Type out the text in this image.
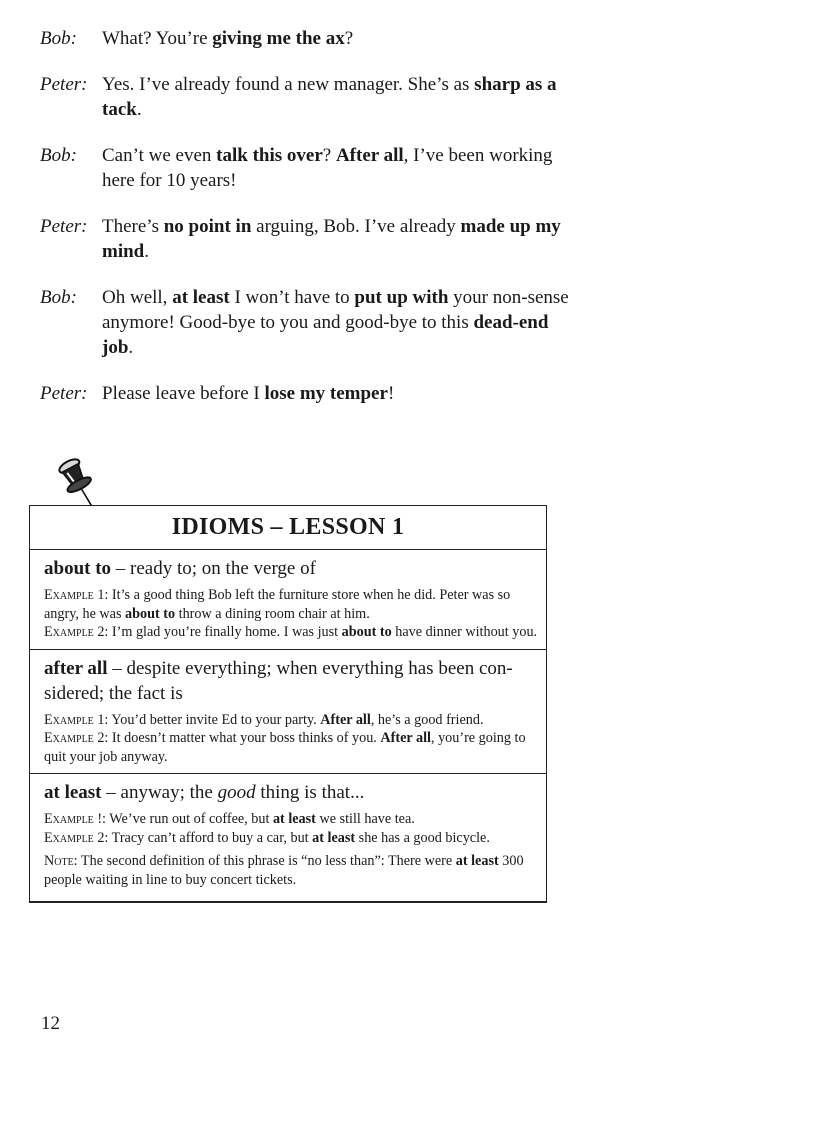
Bob: What? You’re giving me the ax?
Peter: Yes. I’ve already found a new manager. She’s as sharp as a tack.
Bob: Can’t we even talk this over? After all, I’ve been working here for 10 years!
Peter: There’s no point in arguing, Bob. I’ve already made up my mind.
Bob: Oh well, at least I won’t have to put up with your non-sense anymore! Good-bye to you and good-bye to this dead-end job.
Peter: Please leave before I lose my temper!
IDIOMS – LESSON 1

about to – ready to; on the verge of

Example 1: It’s a good thing Bob left the furniture store when he did. Peter was so angry, he was about to throw a dining room chair at him.

Example 2: I’m glad you’re finally home. I was just about to have dinner without you.

after all – despite everything; when everything has been con-sidered; the fact is

Example 1: You’d better invite Ed to your party. After all, he’s a good friend.

Example 2: It doesn’t matter what your boss thinks of you. After all, you’re going to quit your job anyway.

at least – anyway; the good thing is that...

Example !: We’ve run out of coffee, but at least we still have tea.

Example 2: Tracy can’t afford to buy a car, but at least she has a good bicycle.

Note: The second definition of this phrase is “no less than”: There were at least 300 people waiting in line to buy concert tickets.

12
